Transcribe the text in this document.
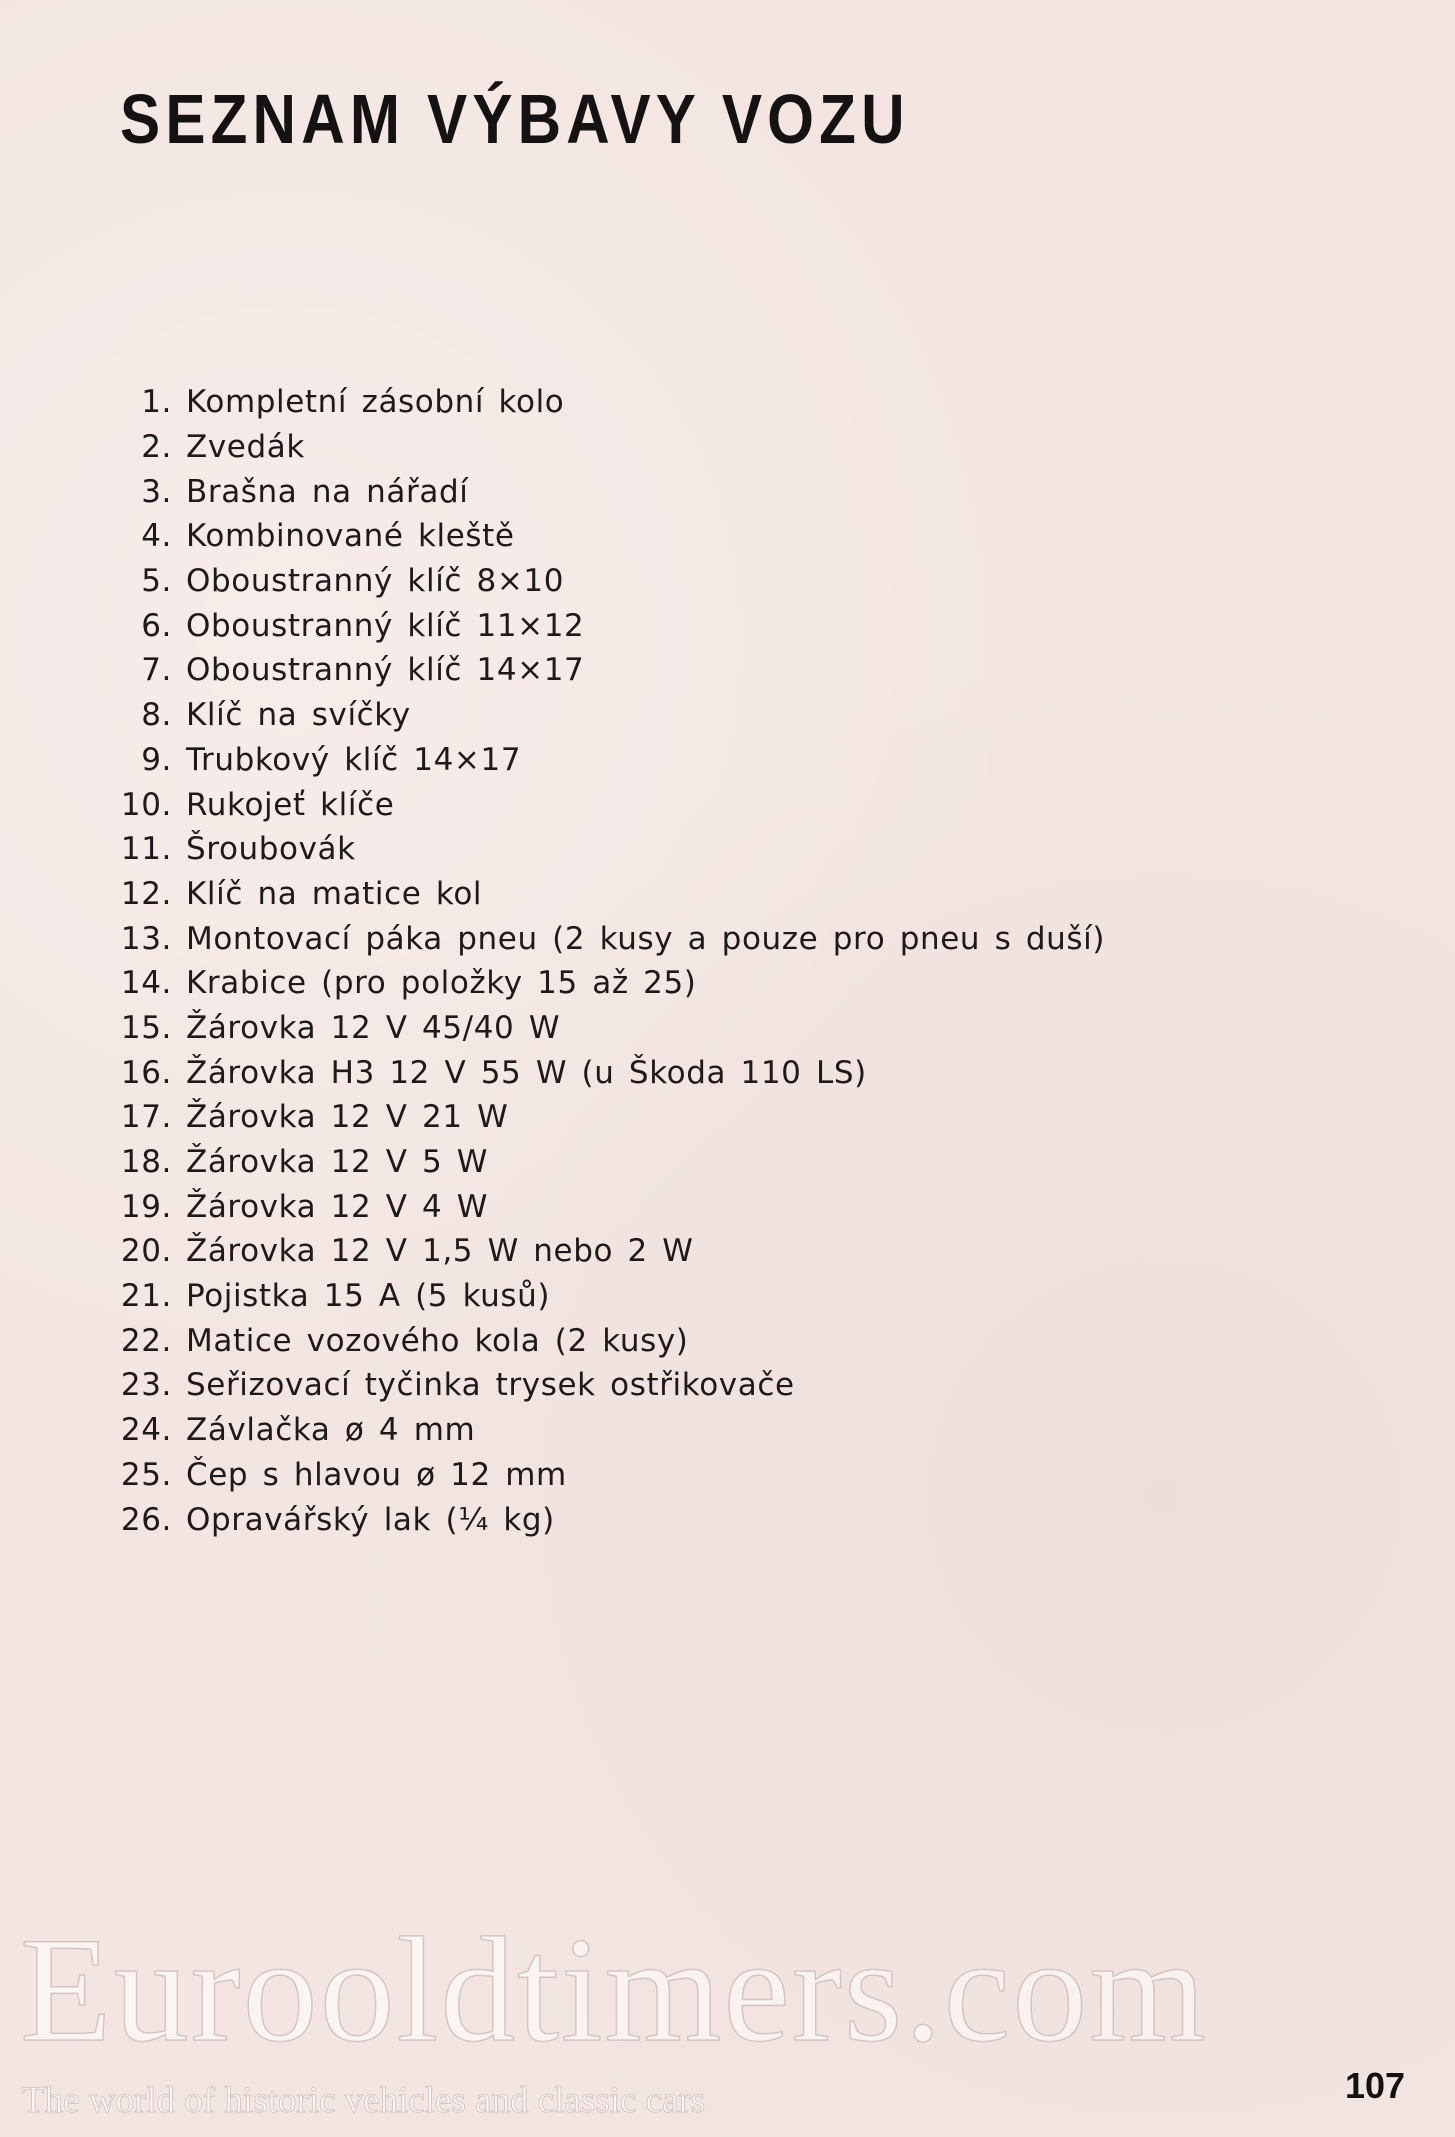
SEZNAM VÝBAVY VOZU
1. Kompletní zásobní kolo
2. Zvedák
3. Brašna na nářadí
4. Kombinované kleště
5. Oboustranný klíč 8×10
6. Oboustranný klíč 11×12
7. Oboustranný klíč 14×17
8. Klíč na svíčky
9. Trubkový klíč 14×17
10. Rukojeť klíče
11. Šroubovák
12. Klíč na matice kol
13. Montovací páka pneu (2 kusy a pouze pro pneu s duší)
14. Krabice (pro položky 15 až 25)
15. Žárovka 12 V 45/40 W
16. Žárovka H3 12 V 55 W (u Škoda 110 LS)
17. Žárovka 12 V 21 W
18. Žárovka 12 V 5 W
19. Žárovka 12 V 4 W
20. Žárovka 12 V 1,5 W nebo 2 W
21. Pojistka 15 A (5 kusů)
22. Matice vozového kola (2 kusy)
23. Seřizovací tyčinka trysek ostřikovače
24. Závlačka ø 4 mm
25. Čep s hlavou ø 12 mm
26. Opravářský lak (¼ kg)
Eurooldtimers.com
The world of historic vehicles and classic cars	107
